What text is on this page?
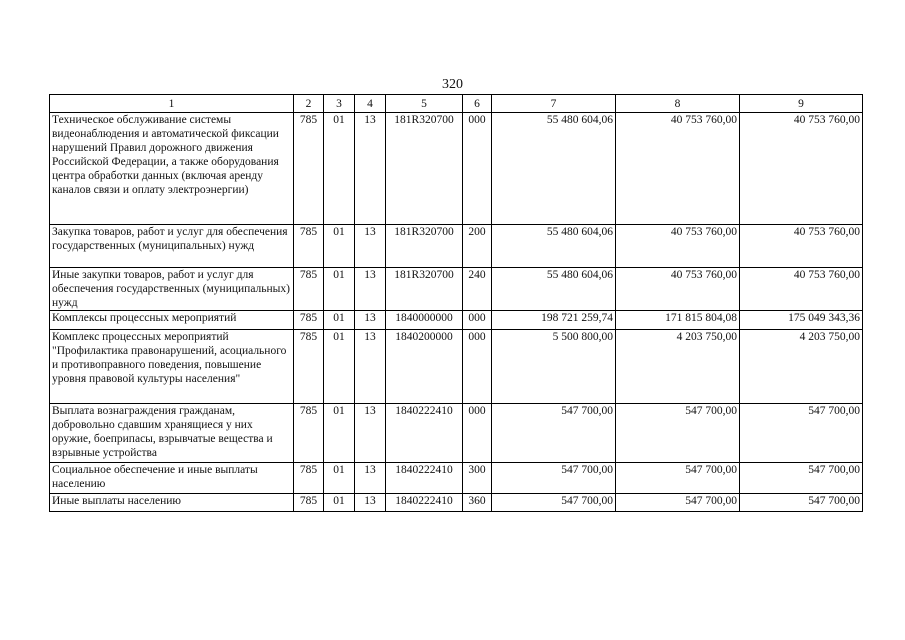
320
1	2	3	4	5	6	7	8	9
Техническое обслуживание системы видеонаблюдения и автоматической фиксации нарушений Правил дорожного движения Российской Федерации, а также оборудования центра обработки данных (включая аренду каналов связи и оплату электроэнергии)	785	01	13	181R320700	000	55 480 604,06	40 753 760,00	40 753 760,00
Закупка товаров, работ и услуг для обеспечения государственных (муниципальных) нужд	785	01	13	181R320700	200	55 480 604,06	40 753 760,00	40 753 760,00
Иные закупки товаров, работ и услуг для обеспечения государственных (муниципальных) нужд	785	01	13	181R320700	240	55 480 604,06	40 753 760,00	40 753 760,00
Комплексы процессных мероприятий	785	01	13	1840000000	000	198 721 259,74	171 815 804,08	175 049 343,36
Комплекс процессных мероприятий "Профилактика правонарушений, асоциального и противоправного поведения, повышение уровня правовой культуры населения"	785	01	13	1840200000	000	5 500 800,00	4 203 750,00	4 203 750,00
Выплата вознаграждения гражданам, добровольно сдавшим хранящиеся у них оружие, боеприпасы, взрывчатые вещества и взрывные устройства	785	01	13	1840222410	000	547 700,00	547 700,00	547 700,00
Социальное обеспечение и иные выплаты населению	785	01	13	1840222410	300	547 700,00	547 700,00	547 700,00
Иные выплаты населению	785	01	13	1840222410	360	547 700,00	547 700,00	547 700,00
